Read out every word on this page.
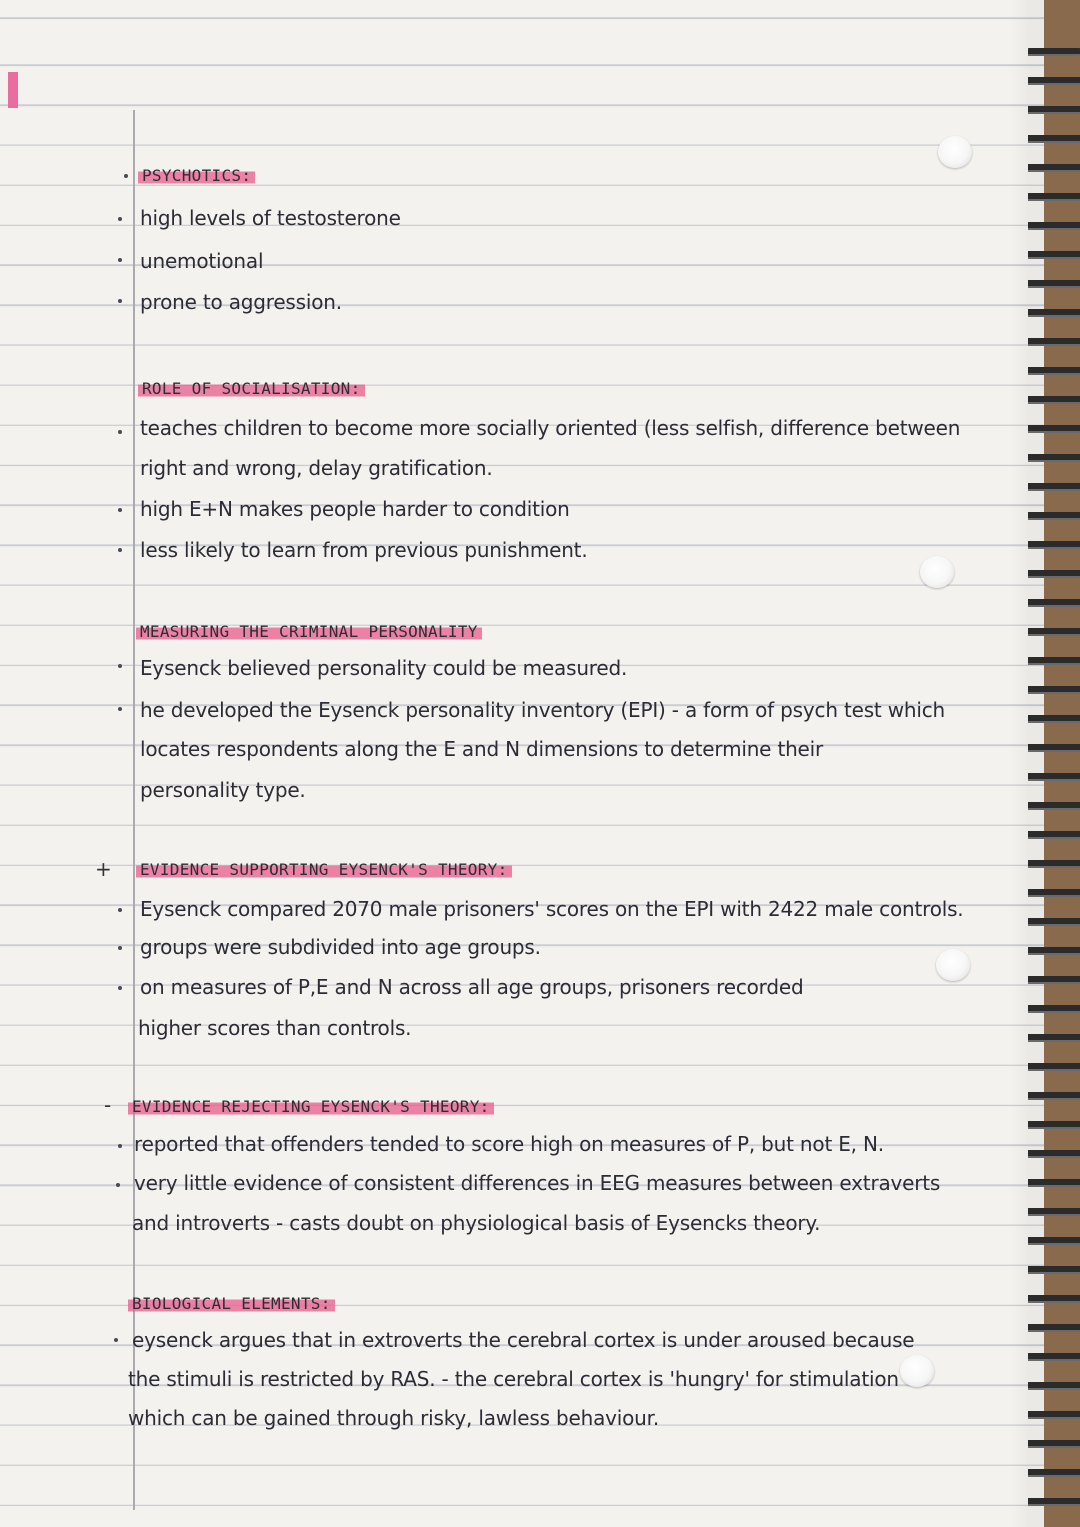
PSYCHOTICS:
high levels of testosterone
unemotional
prone to aggression.
ROLE OF SOCIALISATION:
teaches children to become more socially oriented (less selfish, difference between
right and wrong, delay gratification.
high E+N makes people harder to condition
less likely to learn from previous punishment.
MEASURING THE CRIMINAL PERSONALITY
Eysenck believed personality could be measured.
he developed the Eysenck personality inventory (EPI) - a form of psych test which
locates respondents along the E and N dimensions to determine their
personality type.
+ EVIDENCE SUPPORTING EYSENCK'S THEORY:
Eysenck compared 2070 male prisoners' scores on the EPI with 2422 male controls.
groups were subdivided into age groups.
on measures of P,E and N across all age groups, prisoners recorded
higher scores than controls.
- EVIDENCE REJECTING EYSENCK'S THEORY:
reported that offenders tended to score high on measures of P, but not E, N.
very little evidence of consistent differences in EEG measures between extraverts
and introverts - casts doubt on physiological basis of Eysencks theory.
BIOLOGICAL ELEMENTS:
eysenck argues that in extroverts the cerebral cortex is under aroused because
the stimuli is restricted by RAS. - the cerebral cortex is 'hungry' for stimulation
which can be gained through risky, lawless behaviour.
